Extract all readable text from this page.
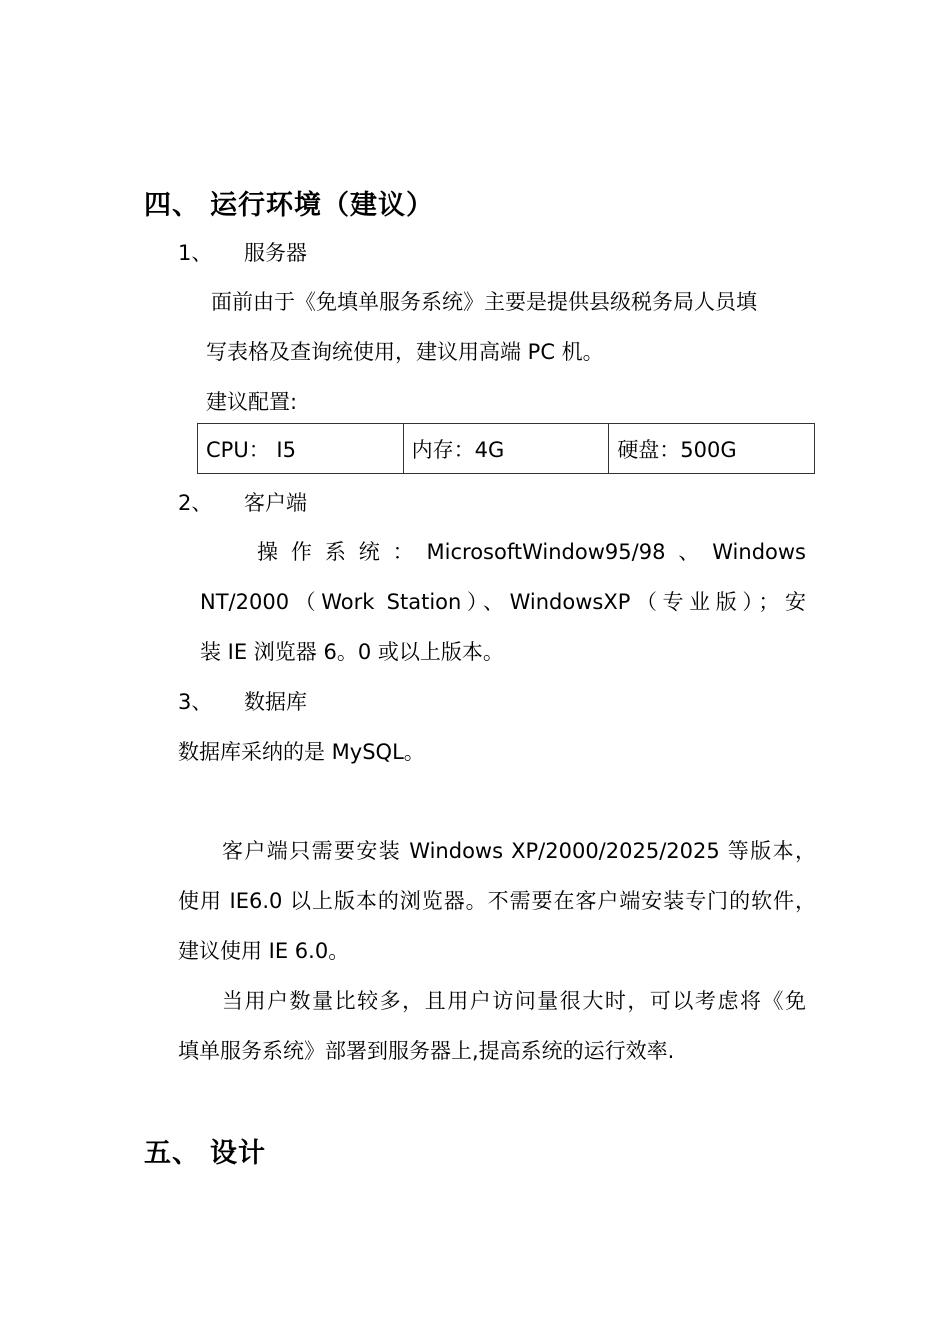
四、 运行环境（建议）
1、 服务器
面前由于《免填单服务系统》主要是提供县级税务局人员填
写表格及查询统使用，建议用高端 PC 机。
建议配置:
CPU： I5	内存：4G	硬盘：500G
2、 客户端
操作系统：MicrosoftWindow95/98、Windows
NT/2000（Work Station）、WindowsXP（专业版）；安
装 IE 浏览器 6。0 或以上版本。
3、 数据库
数据库采纳的是 MySQL。
客户端只需要安装 Windows XP/2000/2025/2025 等版本，
使用 IE6.0 以上版本的浏览器。不需要在客户端安装专门的软件，
建议使用 IE 6.0。
当用户数量比较多，且用户访问量很大时，可以考虑将《免
填单服务系统》部署到服务器上,提高系统的运行效率.
五、 设计
